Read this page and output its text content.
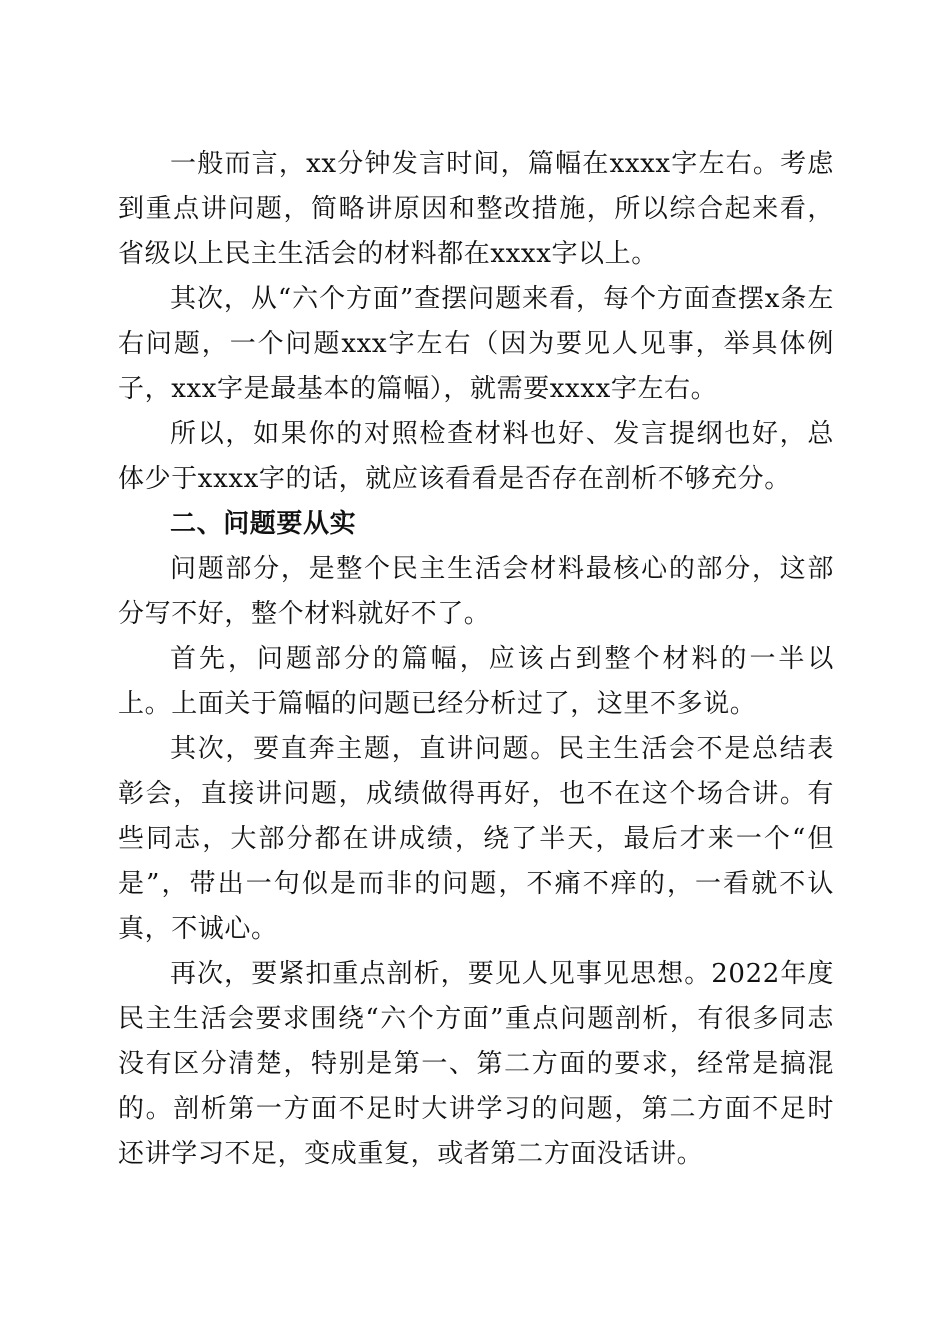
一般而言，xx分钟发言时间，篇幅在xxxx字左右。考虑到重点讲问题，简略讲原因和整改措施，所以综合起来看，省级以上民主生活会的材料都在xxxx字以上。

其次，从“六个方面”查摆问题来看，每个方面查摆x条左右问题，一个问题xxx字左右（因为要见人见事，举具体例子，xxx字是最基本的篇幅），就需要xxxx字左右。

所以，如果你的对照检查材料也好、发言提纲也好，总体少于xxxx字的话，就应该看看是否存在剖析不够充分。

二、问题要从实

问题部分，是整个民主生活会材料最核心的部分，这部分写不好，整个材料就好不了。

首先，问题部分的篇幅，应该占到整个材料的一半以上。上面关于篇幅的问题已经分析过了，这里不多说。

其次，要直奔主题，直讲问题。民主生活会不是总结表彰会，直接讲问题，成绩做得再好，也不在这个场合讲。有些同志，大部分都在讲成绩，绕了半天，最后才来一个“但是”，带出一句似是而非的问题，不痛不痒的，一看就不认真，不诚心。

再次，要紧扣重点剖析，要见人见事见思想。2022年度民主生活会要求围绕“六个方面”重点问题剖析，有很多同志没有区分清楚，特别是第一、第二方面的要求，经常是搞混的。剖析第一方面不足时大讲学习的问题，第二方面不足时还讲学习不足，变成重复，或者第二方面没话讲。
